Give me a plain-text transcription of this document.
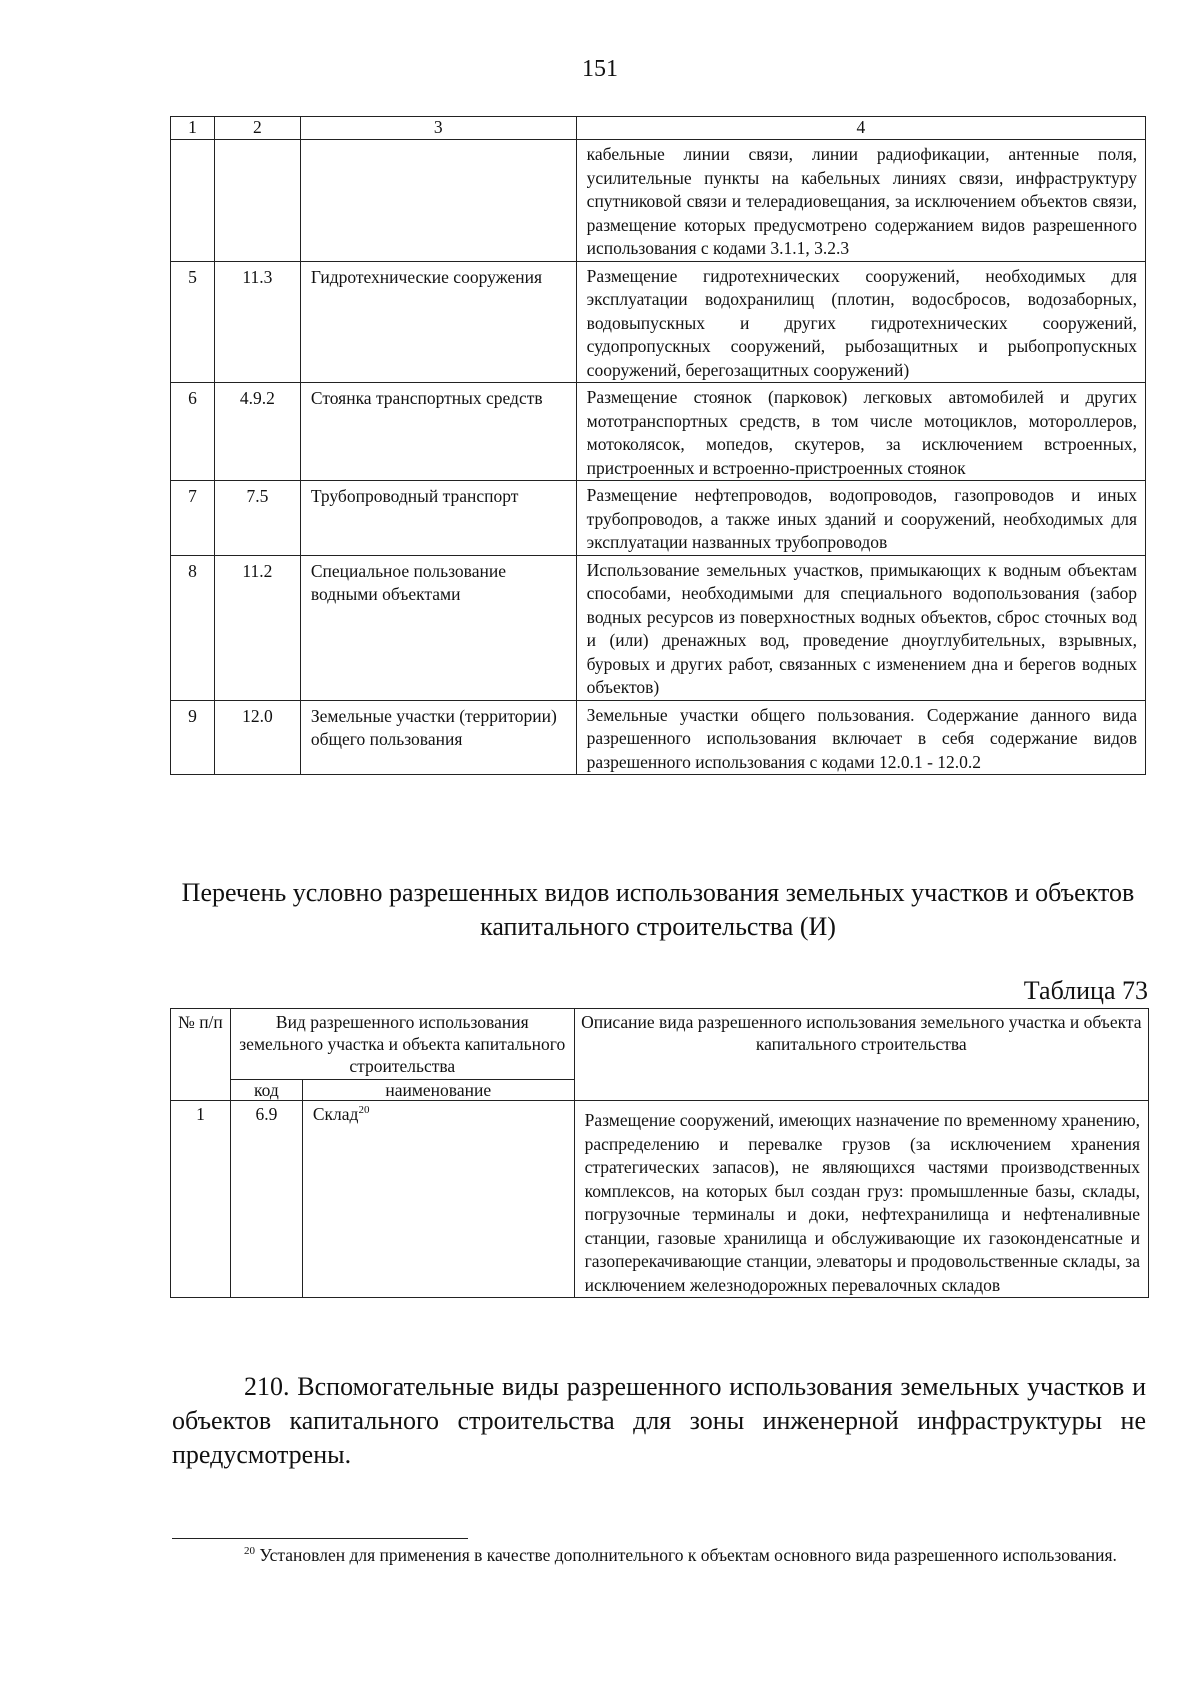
151
1	2	3	4
			кабельные линии связи, линии радиофикации, антенные поля, усилительные пункты на кабельных линиях связи, инфраструктуру спутниковой связи и телерадиовещания, за исключением объектов связи, размещение которых предусмотрено содержанием видов разрешенного использования с кодами 3.1.1, 3.2.3
5	11.3	Гидротехнические сооружения	Размещение гидротехнических сооружений, необходимых для эксплуатации водохранилищ (плотин, водосбросов, водозаборных, водовыпускных и других гидротехнических сооружений, судопропускных сооружений, рыбозащитных и рыбопропускных сооружений, берегозащитных сооружений)
6	4.9.2	Стоянка транспортных средств	Размещение стоянок (парковок) легковых автомобилей и других мототранспортных средств, в том числе мотоциклов, мотороллеров, мотоколясок, мопедов, скутеров, за исключением встроенных, пристроенных и встроенно-пристроенных стоянок
7	7.5	Трубопроводный транспорт	Размещение нефтепроводов, водопроводов, газопроводов и иных трубопроводов, а также иных зданий и сооружений, необходимых для эксплуатации названных трубопроводов
8	11.2	Специальное пользование водными объектами	Использование земельных участков, примыкающих к водным объектам способами, необходимыми для специального водопользования (забор водных ресурсов из поверхностных водных объектов, сброс сточных вод и (или) дренажных вод, проведение дноуглубительных, взрывных, буровых и других работ, связанных с изменением дна и берегов водных объектов)
9	12.0	Земельные участки (территории) общего пользования	Земельные участки общего пользования. Содержание данного вида разрешенного использования включает в себя содержание видов разрешенного использования с кодами 12.0.1 - 12.0.2
Перечень условно разрешенных видов использования земельных участков и объектов капитального строительства (И)
Таблица 73
№ п/п	Вид разрешенного использования земельного участка и объекта капитального строительства		Описание вида разрешенного использования земельного участка и объекта капитального строительства
	код	наименование	
1	6.9	Склад$^{20}$	Размещение сооружений, имеющих назначение по временному хранению, распределению и перевалке грузов (за исключением хранения стратегических запасов), не являющихся частями производственных комплексов, на которых был создан груз: промышленные базы, склады, погрузочные терминалы и доки, нефтехранилища и нефтеналивные станции, газовые хранилища и обслуживающие их газоконденсатные и газоперекачивающие станции, элеваторы и продовольственные склады, за исключением железнодорожных перевалочных складов
210. Вспомогательные виды разрешенного использования земельных участков и объектов капитального строительства для зоны инженерной инфраструктуры не предусмотрены.
$^{20}$ Установлен для применения в качестве дополнительного к объектам основного вида разрешенного использования.
